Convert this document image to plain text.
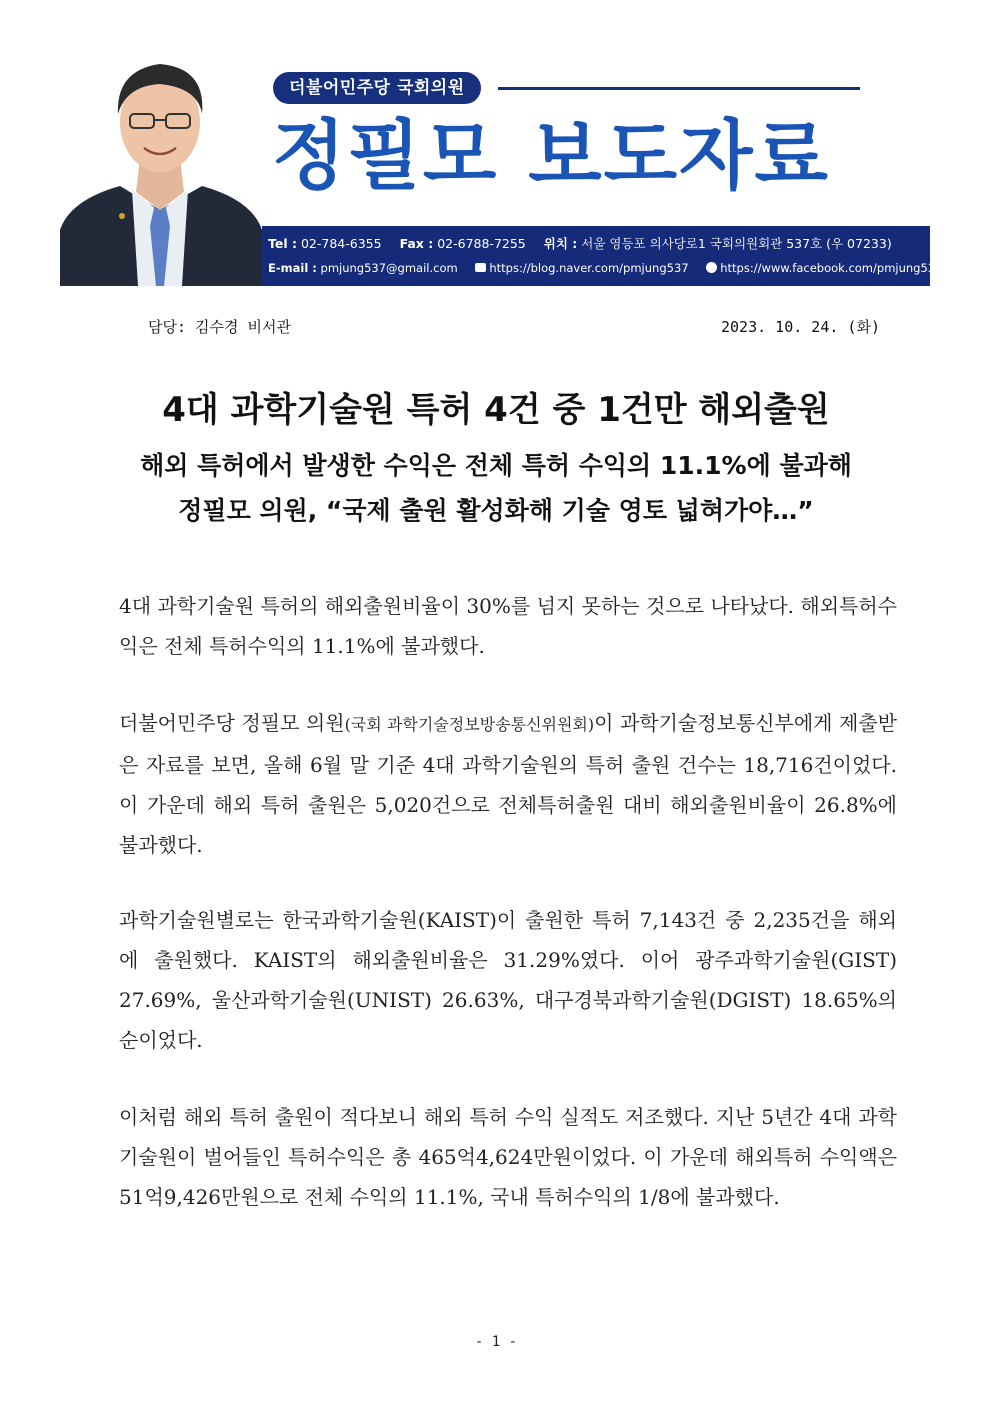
더불어민주당 국회의원
정필모 보도자료
Tel : 02-784-6355 Fax : 02-6788-7255 위치 : 서울 영등포 의사당로1 국회의원회관 537호 (우 07233)
E-mail : pmjung537@gmail.com	https://blog.naver.com/pmjung537	https://www.facebook.com/pmjung537
담당: 김수경 비서관	2023. 10. 24. (화)
4대 과학기술원 특허 4건 중 1건만 해외출원
해외 특허에서 발생한 수익은 전체 특허 수익의 11.1%에 불과해
정필모 의원, “국제 출원 활성화해 기술 영토 넓혀가야…”
4대 과학기술원 특허의 해외출원비율이 30%를 넘지 못하는 것으로 나타났다. 해외특허수익은 전체 특허수익의 11.1%에 불과했다.
더불어민주당 정필모 의원(국회 과학기술정보방송통신위원회)이 과학기술정보통신부에게 제출받은 자료를 보면, 올해 6월 말 기준 4대 과학기술원의 특허 출원 건수는 18,716건이었다. 이 가운데 해외 특허 출원은 5,020건으로 전체특허출원 대비 해외출원비율이 26.8%에 불과했다.
과학기술원별로는 한국과학기술원(KAIST)이 출원한 특허 7,143건 중 2,235건을 해외에 출원했다. KAIST의 해외출원비율은 31.29%였다. 이어 광주과학기술원(GIST) 27.69%, 울산과학기술원(UNIST) 26.63%, 대구경북과학기술원(DGIST) 18.65%의 순이었다.
이처럼 해외 특허 출원이 적다보니 해외 특허 수익 실적도 저조했다. 지난 5년간 4대 과학기술원이 벌어들인 특허수익은 총 465억4,624만원이었다. 이 가운데 해외특허 수익액은 51억9,426만원으로 전체 수익의 11.1%, 국내 특허수익의 1/8에 불과했다.
- 1 -
